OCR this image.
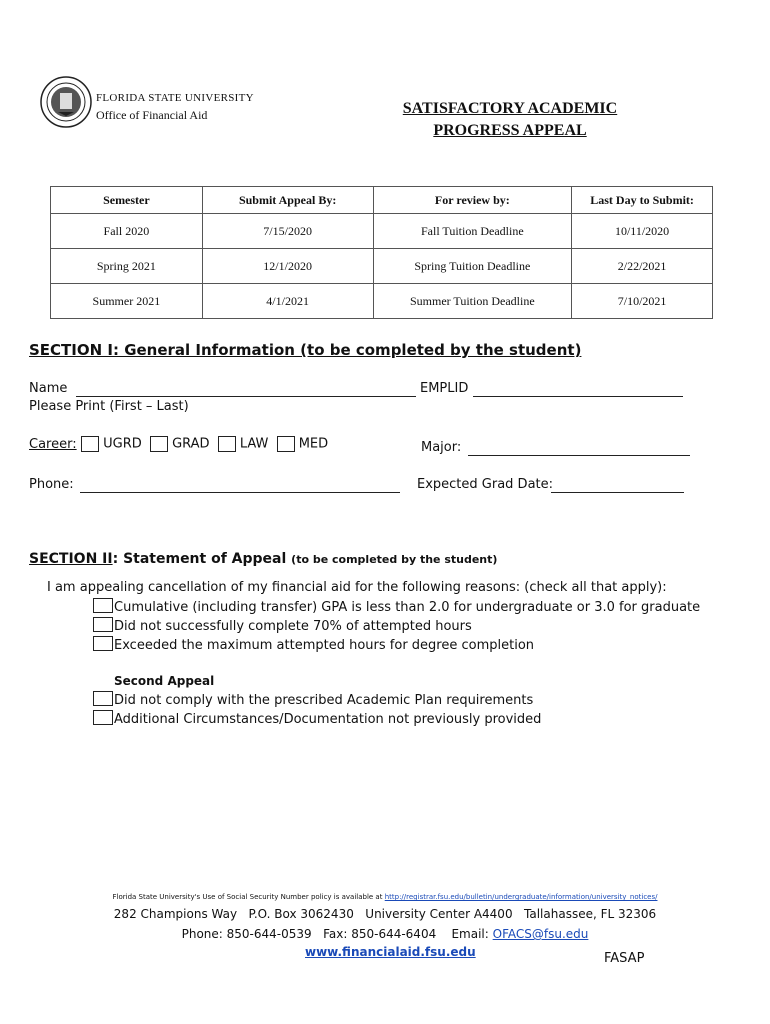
FLORIDA STATE UNIVERSITY
Office of Financial Aid	SATISFACTORY ACADEMIC
PROGRESS APPEAL
Semester	Submit Appeal By:	For review by:	Last Day to Submit:
Fall 2020	7/15/2020	Fall Tuition Deadline	10/11/2020
Spring 2021	12/1/2020	Spring Tuition Deadline	2/22/2021
Summer 2021	4/1/2021	Summer Tuition Deadline	7/10/2021
SECTION I: General Information (to be completed by the student)
Name	EMPLID
Please Print (First – Last)
Career:	UGRD GRAD LAW MED	Major:
Phone:	Expected Grad Date:
SECTION II: Statement of Appeal (to be completed by the student)
I am appealing cancellation of my financial aid for the following reasons: (check all that apply):
Cumulative (including transfer) GPA is less than 2.0 for undergraduate or 3.0 for graduate
Did not successfully complete 70% of attempted hours
Exceeded the maximum attempted hours for degree completion
Second Appeal
Did not comply with the prescribed Academic Plan requirements
Additional Circumstances/Documentation not previously provided
Florida State University's Use of Social Security Number policy is available at http://registrar.fsu.edu/bulletin/undergraduate/information/university_notices/
282 Champions Way   P.O. Box 3062430   University Center A4400   Tallahassee, FL 32306
Phone: 850-644-0539   Fax: 850-644-6404    Email: OFACS@fsu.edu
www.financialaid.fsu.edu	FASAP
